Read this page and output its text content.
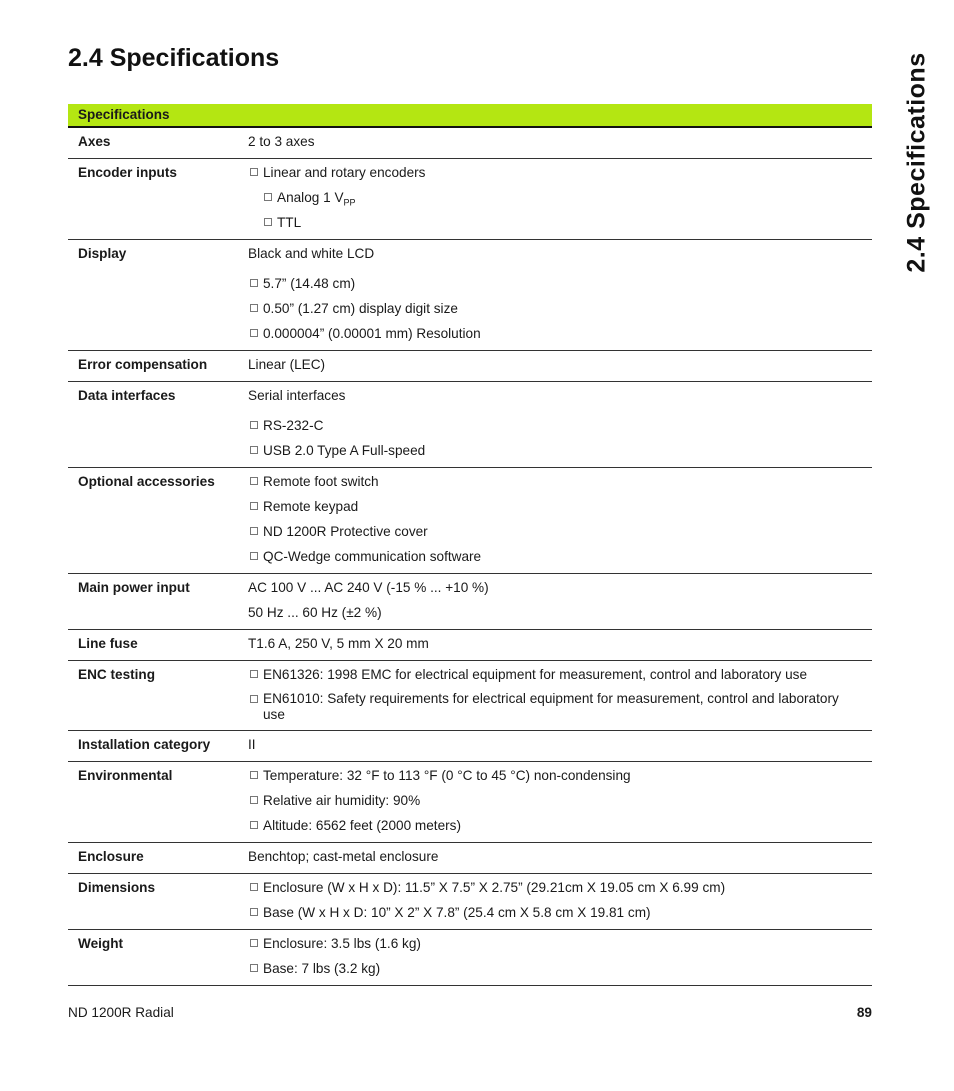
2.4 Specifications	2.4 Specifications
Specifications	
Axes	2 to 3 axes

Encoder inputs	Linear and rotary encoders
Analog 1 $V_{PP}$
TTL

Display	Black and white LCD
5.7” (14.48 cm)
0.50” (1.27 cm) display digit size
0.000004” (0.00001 mm) Resolution

Error compensation	Linear (LEC)

Data interfaces	Serial interfaces
RS-232-C
USB 2.0 Type A Full-speed

Optional accessories	Remote foot switch
Remote keypad
ND 1200R Protective cover
QC-Wedge communication software

Main power input	AC 100 V ... AC 240 V (-15 % ... +10 %)
50 Hz ... 60 Hz (±2 %)

Line fuse	T1.6 A, 250 V, 5 mm X 20 mm

ENC testing	EN61326: 1998 EMC for electrical equipment for measurement, control and laboratory use
EN61010: Safety requirements for electrical equipment for measurement, control and laboratory use

Installation category	II

Environmental	Temperature: 32 °F to 113 °F (0 °C to 45 °C) non-condensing
Relative air humidity: 90%
Altitude: 6562 feet (2000 meters)

Enclosure	Benchtop; cast-metal enclosure

Dimensions	Enclosure (W x H x D): 11.5” X 7.5” X 2.75” (29.21cm X 19.05 cm X 6.99 cm)
Base (W x H x D: 10” X 2” X 7.8” (25.4 cm X 5.8 cm X 19.81 cm)

Weight	Enclosure: 3.5 lbs (1.6 kg)
Base: 7 lbs (3.2 kg)
ND 1200R Radial	89
